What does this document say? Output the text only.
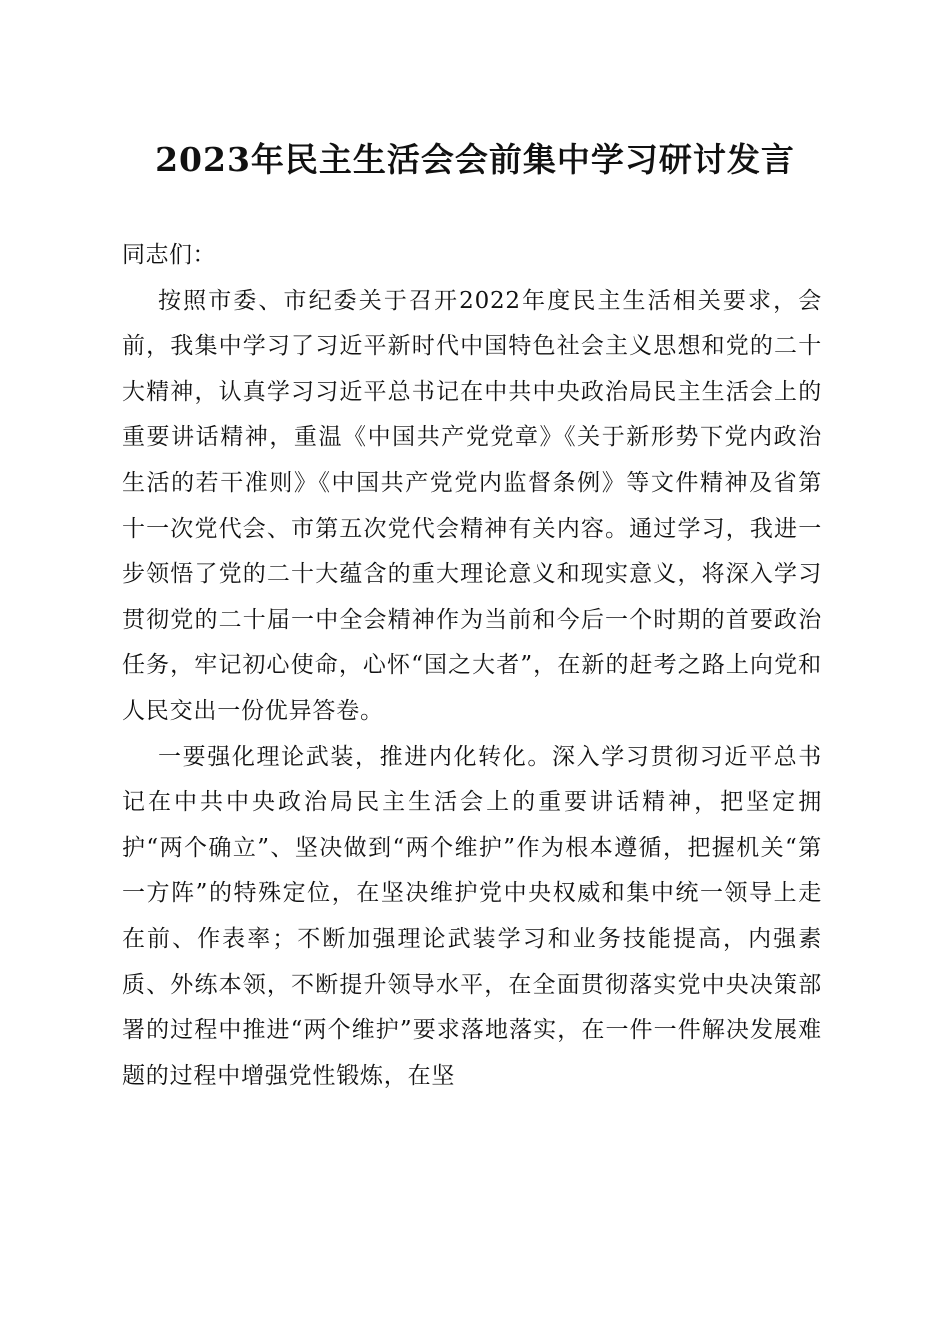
2023年民主生活会会前集中学习研讨发言

同志们：

按照市委、市纪委关于召开2022年度民主生活相关要求，会前，我集中学习了习近平新时代中国特色社会主义思想和党的二十大精神，认真学习习近平总书记在中共中央政治局民主生活会上的重要讲话精神，重温《中国共产党党章》《关于新形势下党内政治生活的若干准则》《中国共产党党内监督条例》等文件精神及省第十一次党代会、市第五次党代会精神有关内容。通过学习，我进一步领悟了党的二十大蕴含的重大理论意义和现实意义，将深入学习贯彻党的二十届一中全会精神作为当前和今后一个时期的首要政治任务，牢记初心使命，心怀“国之大者”，在新的赶考之路上向党和人民交出一份优异答卷。

一要强化理论武装，推进内化转化。深入学习贯彻习近平总书记在中共中央政治局民主生活会上的重要讲话精神，把坚定拥护“两个确立”、坚决做到“两个维护”作为根本遵循，把握机关“第一方阵”的特殊定位，在坚决维护党中央权威和集中统一领导上走在前、作表率；不断加强理论武装学习和业务技能提高，内强素质、外练本领，不断提升领导水平，在全面贯彻落实党中央决策部署的过程中推进“两个维护”要求落地落实，在一件一件解决发展难题的过程中增强党性锻炼，在坚
